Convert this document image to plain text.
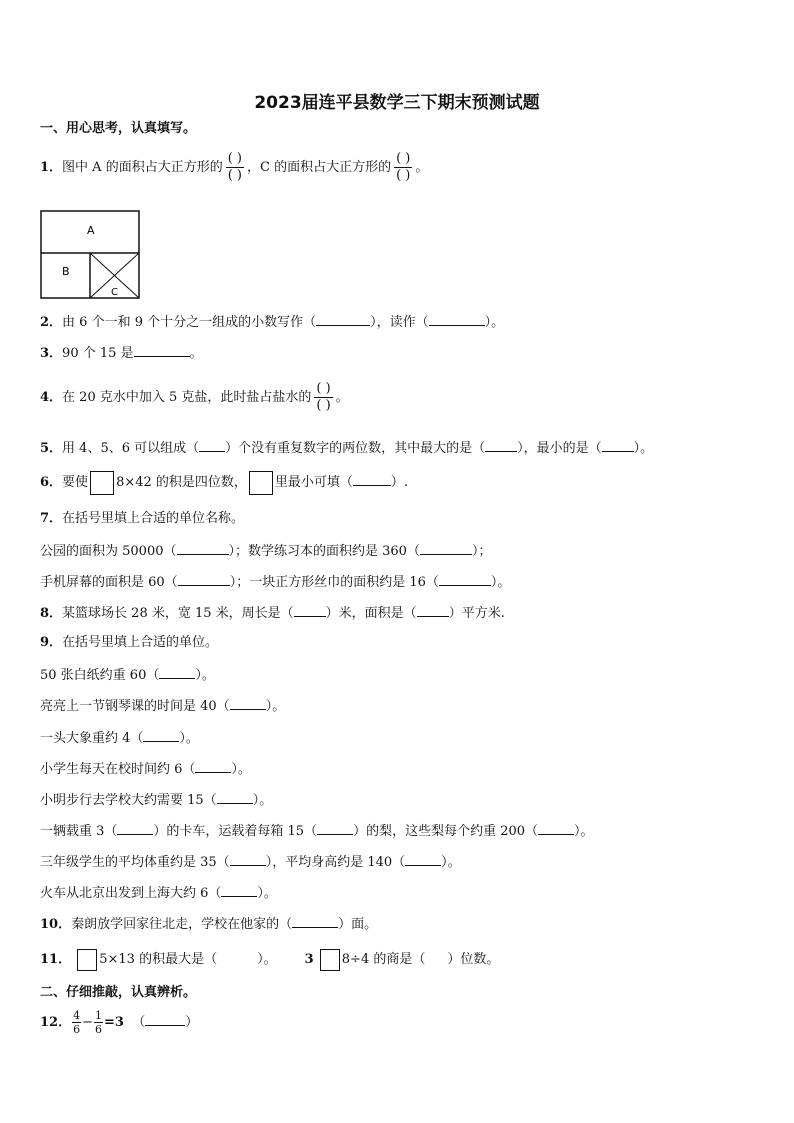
2023届连平县数学三下期末预测试题
一、用心思考，认真填写。
1．图中 A 的面积占大正方形的 $\frac{( )}{( )}$ ，C 的面积占大正方形的 $\frac{( )}{( )}$ 。
A
B
C
2．由 6 个一和 9 个十分之一组成的小数写作（	），读作（	）。
3．90 个 15 是	。
4．在 20 克水中加入 5 克盐，此时盐占盐水的 $\frac{( )}{( )}$ 。
5．用 4、5、6 可以组成（ ）个没有重复数字的两位数，其中最大的是（ ），最小的是（ ）。
6．要使 8×42 的积是四位数， 里最小可填（	）.
7．在括号里填上合适的单位名称。
公园的面积为 50000（	）；数学练习本的面积约是 360（	）；
手机屏幕的面积是 60（	）；一块正方形丝巾的面积约是 16（	）。
8．某篮球场长 28 米，宽 15 米，周长是（ ）米，面积是（ ）平方米.
9．在括号里填上合适的单位。
50 张白纸约重 60（	）。
亮亮上一节钢琴课的时间是 40（	）。
一头大象重约 4（	）。
小学生每天在校时间约 6（	）。
小明步行去学校大约需要 15（	）。
一辆载重 3（	）的卡车，运载着每箱 15（	）的梨，这些梨每个约重 200（	）。
三年级学生的平均体重约是 35（	），平均身高约是 140（	）。
火车从北京出发到上海大约 6（	）。
10．秦朗放学回家往北走，学校在他家的（	）面。
11． 5×13 的积最大是（	）。 3 8÷4 的商是（ ）位数。
二、仔细推敲，认真辨析。
12． $\frac{4}{6} - \frac{1}{6} =3$ （	）
